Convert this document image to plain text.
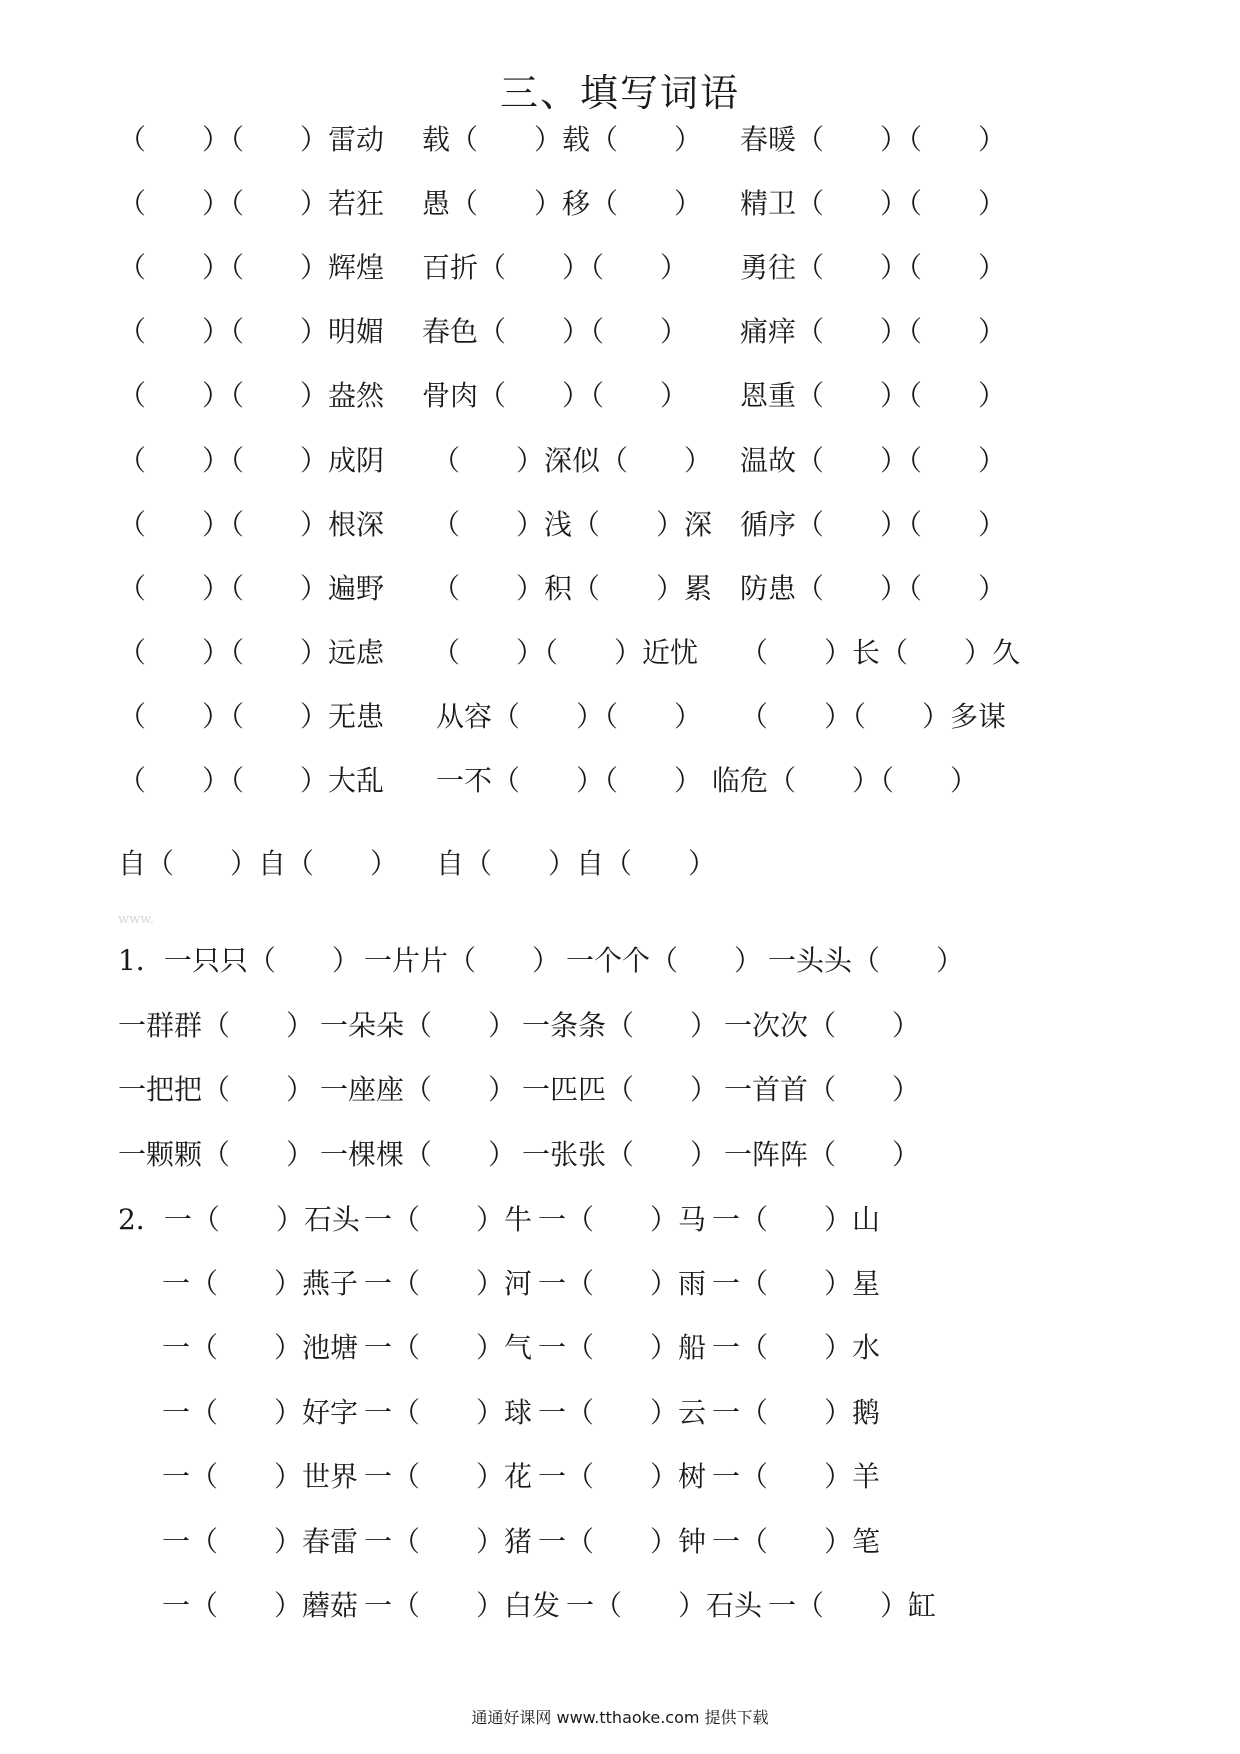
三、填写词语
（　　）（　　）雷动 载（　　）载（　　） 春暖（　　）（　　）
（　　）（　　）若狂 愚（　　）移（　　） 精卫（　　）（　　）
（　　）（　　）辉煌 百折（　　）（　　） 勇往（　　）（　　）
（　　）（　　）明媚 春色（　　）（　　） 痛痒（　　）（　　）
（　　）（　　）盎然 骨肉（　　）（　　） 恩重（　　）（　　）
（　　）（　　）成阴 （　　）深似（　　） 温故（　　）（　　）
（　　）（　　）根深 （　　）浅（　　）深 循序（　　）（　　）
（　　）（　　）遍野 （　　）积（　　）累 防患（　　）（　　）
（　　）（　　）远虑 （　　）（　　）近忧 （　　）长（　　）久
（　　）（　　）无患 从容（　　）（　　） （　　）（　　）多谋
（　　）（　　）大乱 一不（　　）（　　） 临危（　　）（　　）
自（　　）自（　　） 自（　　）自（　　）
www.
1．一只只（　　） 一片片（　　） 一个个（　　） 一头头（　　）
一群群（　　） 一朵朵（　　） 一条条（　　） 一次次（　　）
一把把（　　） 一座座（　　） 一匹匹（　　） 一首首（　　）
一颗颗（　　） 一棵棵（　　） 一张张（　　） 一阵阵（　　）
2．一（　　）石头 一（　　）牛 一（　　）马 一（　　）山
一（　　）燕子 一（　　）河 一（　　）雨 一（　　）星
一（　　）池塘 一（　　）气 一（　　）船 一（　　）水
一（　　）好字 一（　　）球 一（　　）云 一（　　）鹅
一（　　）世界 一（　　）花 一（　　）树 一（　　）羊
一（　　）春雷 一（　　）猪 一（　　）钟 一（　　）笔
一（　　）蘑菇 一（　　）白发 一（　　）石头 一（　　）缸
通通好课网 www.tthaoke.com 提供下载
